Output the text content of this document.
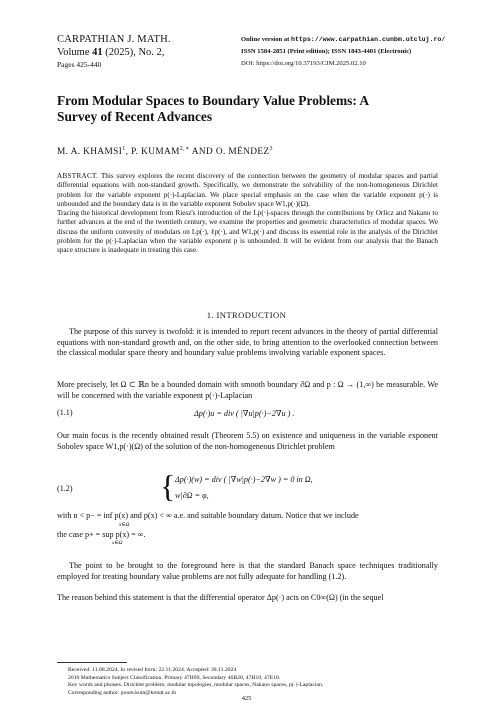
CARPATHIAN J. MATH.
Volume 41 (2025), No. 2,
Pages 425-440
Online version at https://www.carpathian.cunbm.utcluj.ro/
ISSN 1584-2851 (Print edition); ISSN 1843-4401 (Electronic)
DOI: https://doi.org/10.37193/CJM.2025.02.10
From Modular Spaces to Boundary Value Problems: A
Survey of Recent Advances
M. A. KHAMSI$^1$, P. $KUMAM^{2,∗}$ AND O. MÉNDEZ$^3$

ABSTRACT. This survey explores the recent discovery of the connection between the geometry of modular spaces and partial differential equations with non-standard growth. Specifically, we demonstrate the solvability of the non-homogeneous Dirichlet problem for the variable exponent p(·)-Laplacian. We place special emphasis on the case when the variable exponent p(·) is unbounded and the boundary data is in the variable exponent Sobolev space W1,p(·)(Ω).

Tracing the historical development from Riesz's introduction of the Lp(·)-spaces through the contributions by Orlicz and Nakano to further advances at the end of the twentieth century, we examine the properties and geometric characteristics of modular spaces. We discuss the uniform convexity of modulars on Lp(·), ℓp(·), and W1,p(·) and discuss its essential role in the analysis of the Dirichlet problem for the p(·)-Laplacian when the variable exponent p is unbounded. It will be evident from our analysis that the Banach space structure is inadequate in treating this case.

1. INTRODUCTION

The purpose of this survey is twofold: it is intended to report recent advances in the theory of partial differential equations with non-standard growth and, on the other side, to bring attention to the overlooked connection between the classical modular space theory and boundary value problems involving variable exponent spaces.

More precisely, let Ω ⊂ ℝn be a bounded domain with smooth boundary ∂Ω and p : Ω → (1,∞) be measurable. We will be concerned with the variable exponent p(·)-Laplacian

(1.1)	Δp(·)u = div ( |∇u|p(·)−2∇u ) .

Our main focus is the recently obtained result (Theorem 5.5) on existence and uniqueness in the variable exponent Sobolev space W1,p(·)(Ω) of the solution of the non-homogeneous Dirichlet problem

(1.2)	{ Δp(·)(w) = div ( |∇w|p(·)−2∇w ) = 0 in Ω,
w|∂Ω = φ,

with n < p− = inf p(x) and p(x) < ∞ a.e. and suitable boundary datum. Notice that we include

x∈Ω

the case p+ = sup p(x) = ∞.

x∈Ω

The point to be brought to the foreground here is that the standard Banach space techniques traditionally employed for treating boundary value problems are not fully adequate for handling (1.2).

The reason behind this statement is that the differential operator Δp(·) acts on C0∞(Ω) (in the sequel

Received: 11.08.2024. In revised form: 22.11.2024. Accepted: 30.11.2024
2010 Mathematics Subject Classification. Primary 47H09, Secondary 46B20, 47H10, 47E10.
Key words and phrases. Dirichlet problem, modular topologies, modular spaces, Nakano spaces, p(·)-Laplacian.
Corresponding author: poom.kum@kmutt.ac.th
425
